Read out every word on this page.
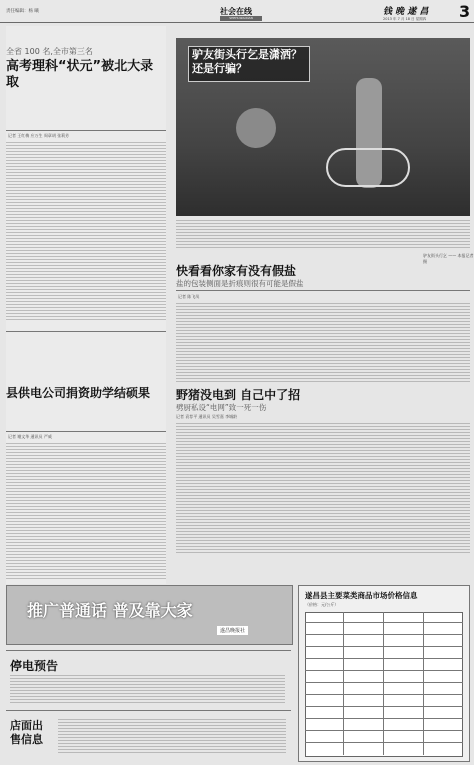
责任编辑：杨 曦	社会在线
SHEHUIZAIXIAN
钱 晚 遂 昌
2013 年 7 月 18 日 星期四 3
全省 100 名,全市第三名
高考理科“状元”被北大录取
记者 王红梅 应万生 周章胡 张莉芳
县供电公司捐资助学结硕果
记者 谢文华 通讯员 严威
驴友街头行乞是潇洒？还是行骗？
驴友街头行乞 —— 本报记者 摄
快看看你家有没有假盐
盐的包装侧面是折痕则很有可能是假盐
记者 陈飞凤
野猪没电到 自己中了招
劈厨私设“电网”致一死一伤
记者 袁荐平 通讯员 吴雪嘉 李城龄
推广普通话 普及靠大家
遂昌晚报社
停电预告
店面出售信息
遂昌县主要菜类商品市场价格信息
（价格：元/公斤）
